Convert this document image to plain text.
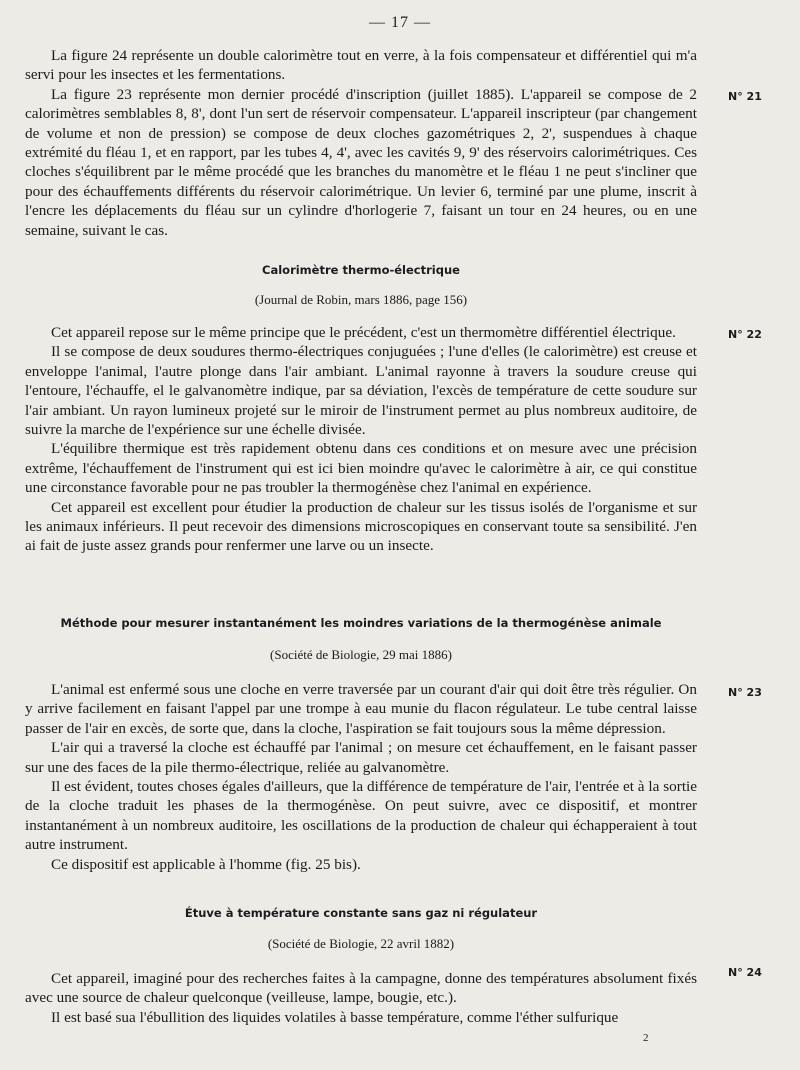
— 17 —

La figure 24 représente un double calorimètre tout en verre, à la fois compensateur et différentiel qui m'a servi pour les insectes et les fermentations.

La figure 23 représente mon dernier procédé d'inscription (juillet 1885). L'appareil se compose de 2 calorimètres semblables 8, 8', dont l'un sert de réservoir compensateur. L'appareil inscripteur (par changement de volume et non de pression) se compose de deux cloches gazométriques 2, 2', suspendues à chaque extrémité du fléau 1, et en rapport, par les tubes 4, 4', avec les cavités 9, 9' des réservoirs calorimétriques. Ces cloches s'équilibrent par le même procédé que les branches du manomètre et le fléau 1 ne peut s'incliner que pour des échauffements différents du réservoir calorimétrique. Un levier 6, terminé par une plume, inscrit à l'encre les déplacements du fléau sur un cylindre d'horlogerie 7, faisant un tour en 24 heures, ou en une semaine, suivant le cas.

N° 21
Calorimètre thermo-électrique
(Journal de Robin, mars 1886, page 156)

Cet appareil repose sur le même principe que le précédent, c'est un thermomètre différentiel électrique.

Il se compose de deux soudures thermo-électriques conjuguées ; l'une d'elles (le calorimètre) est creuse et enveloppe l'animal, l'autre plonge dans l'air ambiant. L'animal rayonne à travers la soudure creuse qui l'entoure, l'échauffe, el le galvanomètre indique, par sa déviation, l'excès de température de cette soudure sur l'air ambiant. Un rayon lumineux projeté sur le miroir de l'instrument permet au plus nombreux auditoire, de suivre la marche de l'expérience sur une échelle divisée.

L'équilibre thermique est très rapidement obtenu dans ces conditions et on mesure avec une précision extrême, l'échauffement de l'instrument qui est ici bien moindre qu'avec le calorimètre à air, ce qui constitue une circonstance favorable pour ne pas troubler la thermogénèse chez l'animal en expérience.

Cet appareil est excellent pour étudier la production de chaleur sur les tissus isolés de l'organisme et sur les animaux inférieurs. Il peut recevoir des dimensions microscopiques en conservant toute sa sensibilité. J'en ai fait de juste assez grands pour renfermer une larve ou un insecte.

N° 22
Méthode pour mesurer instantanément les moindres variations de la thermogénèse animale
(Société de Biologie, 29 mai 1886)

L'animal est enfermé sous une cloche en verre traversée par un courant d'air qui doit être très régulier. On y arrive facilement en faisant l'appel par une trompe à eau munie du flacon régulateur. Le tube central laisse passer de l'air en excès, de sorte que, dans la cloche, l'aspiration se fait toujours sous la même dépression.

L'air qui a traversé la cloche est échauffé par l'animal ; on mesure cet échauffement, en le faisant passer sur une des faces de la pile thermo-électrique, reliée au galvanomètre.

Il est évident, toutes choses égales d'ailleurs, que la différence de température de l'air, l'entrée et à la sortie de la cloche traduit les phases de la thermogénèse. On peut suivre, avec ce dispositif, et montrer instantanément à un nombreux auditoire, les oscillations de la production de chaleur qui échapperaient à tout autre instrument.

Ce dispositif est applicable à l'homme (fig. 25 bis).

N° 23
Étuve à température constante sans gaz ni régulateur
(Société de Biologie, 22 avril 1882)

Cet appareil, imaginé pour des recherches faites à la campagne, donne des températures absolument fixés avec une source de chaleur quelconque (veilleuse, lampe, bougie, etc.).

Il est basé sua l'ébullition des liquides volatiles à basse température, comme l'éther sulfurique

N° 24
2
